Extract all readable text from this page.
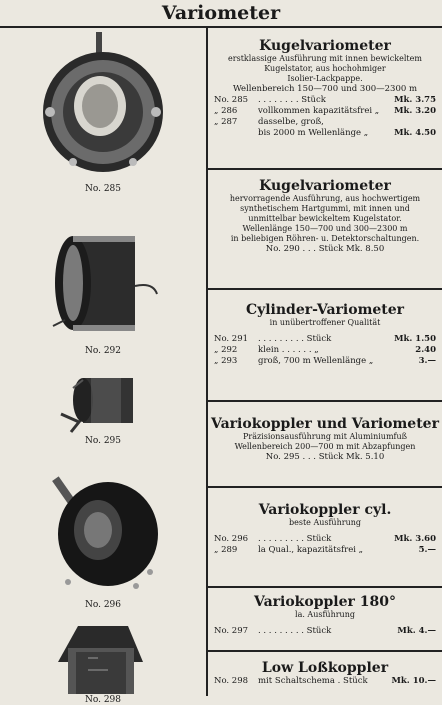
Variometer
No. 285
No. 292
No. 295
No. 296
No. 298
Kugelvariometer
erstklassige Ausführung mit innen bewickeltem
Kugelstator, aus hochohmiger
Isolier-Lackpappe.
Wellenbereich 150—700 und 300—2300 m
No. 285	. . . . . . . . Stück	Mk. 3.75
„ 286	vollkommen kapazitätsfrei „	Mk. 3.20
„ 287	dasselbe, groß,
bis 2000 m Wellenlänge „	Mk. 4.50
Kugelvariometer
hervorragende Ausführung, aus hochwertigem
synthetischem Hartgummi, mit innen und
unmittelbar bewickeltem Kugelstator.
Wellenlänge 150—700 und 300—2300 m
in beliebigen Röhren- u. Detektorschaltungen.
No. 290 . . . Stück Mk. 8.50
Cylinder-Variometer
in unübertroffener Qualität
No. 291	. . . . . . . . . Stück	Mk. 1.50
„ 292	klein . . . . . . „	2.40
„ 293	groß, 700 m Wellenlänge „	3.—
Variokoppler und Variometer
Präzisionsausführung mit Aluminiumfuß
Wellenbereich 200—700 m mit Abzapfungen
No. 295 . . . Stück Mk. 5.10
Variokoppler cyl.
beste Ausführung
No. 296	. . . . . . . . . Stück	Mk. 3.60
„ 289	la Qual., kapazitätsfrei „	5.—
Variokoppler 180°
la. Ausführung
No. 297	. . . . . . . . . Stück	Mk. 4.—
Low Loßkoppler
No. 298	mit Schaltschema . Stück	Mk. 10.—
